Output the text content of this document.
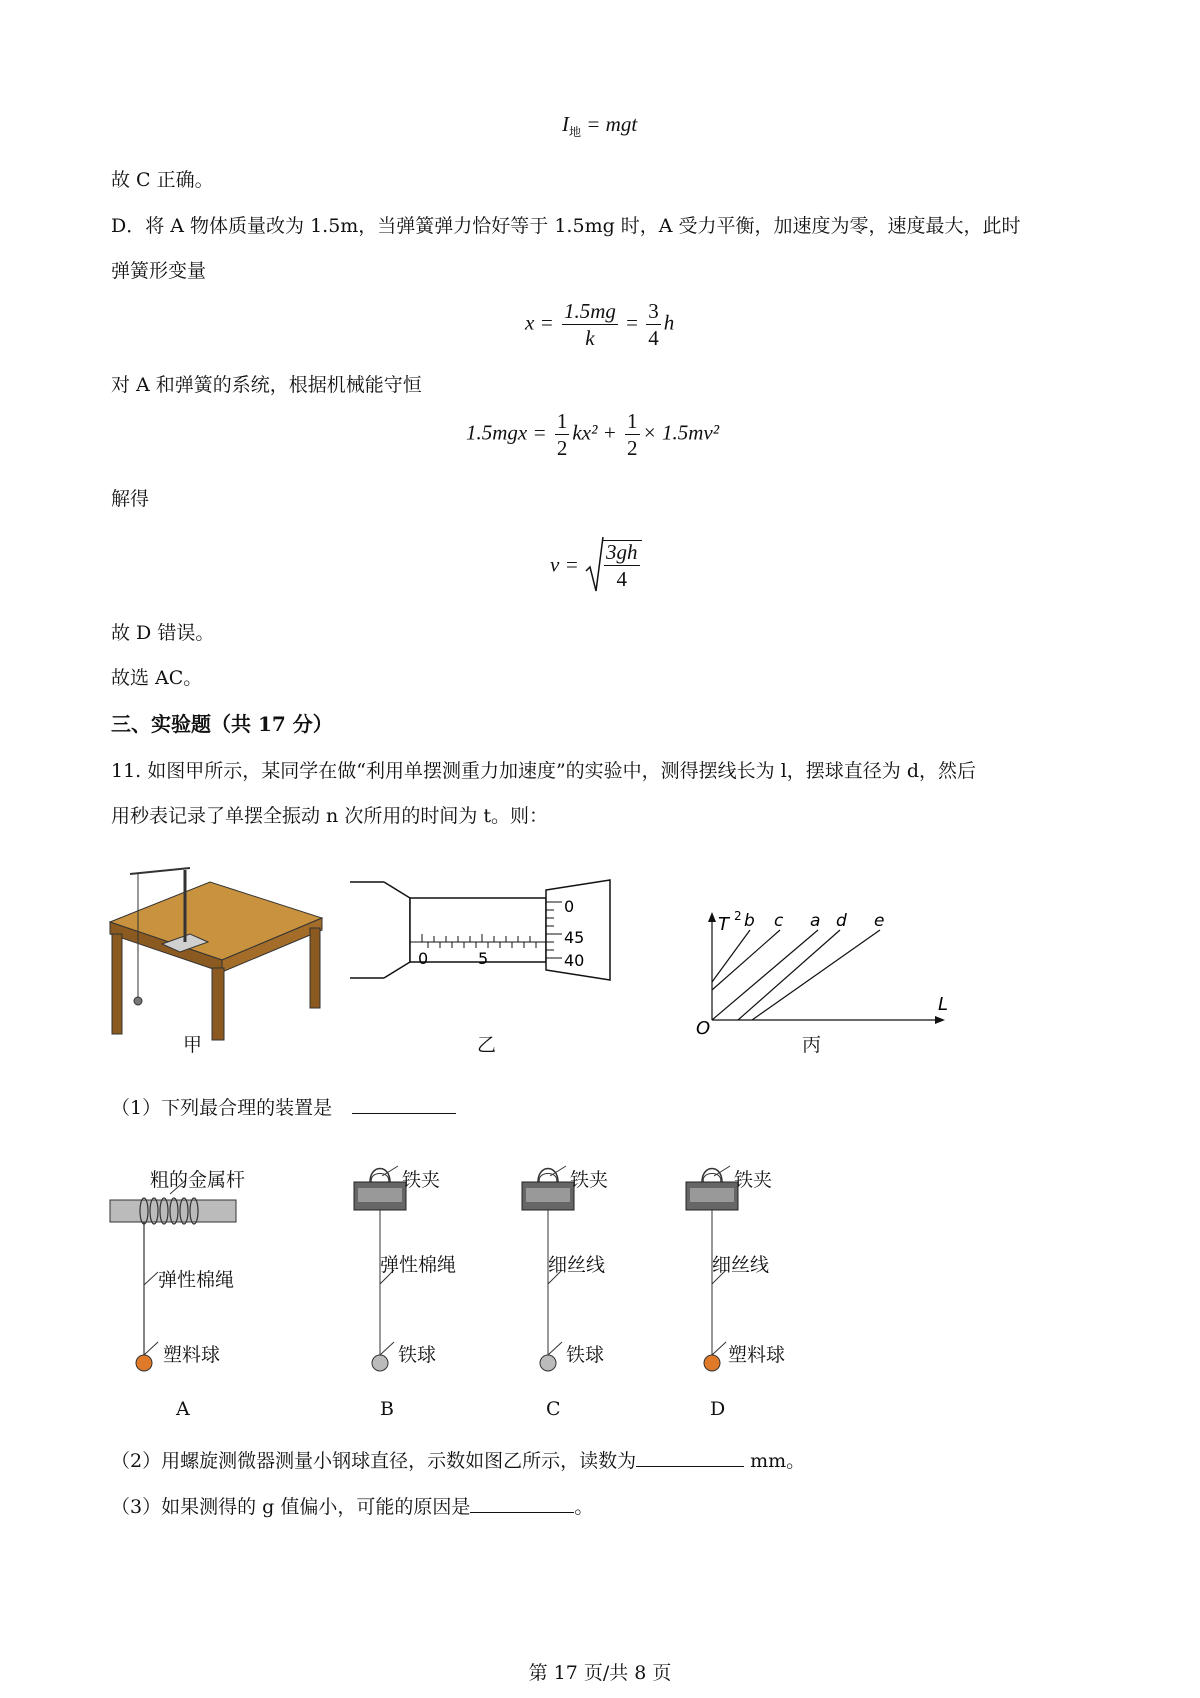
$I_地$ = mgt
故 C 正确。
D．将 A 物体质量改为 1.5m，当弹簧弹力恰好等于 1.5mg 时，A 受力平衡，加速度为零，速度最大，此时
弹簧形变量
$x = \frac{1.5mg}{k} = \frac{3}{4}$ h
对 A 和弹簧的系统，根据机械能守恒
$1.5mgx = \frac{1}{2} kx^2 + \frac{1}{2} \times 1.5mv^2$
解得
$v = \frac{3gh}{4}$
故 D 错误。
故选 AC。
三、实验题（共 17 分）
11. 如图甲所示，某同学在做“利用单摆测重力加速度”的实验中，测得摆线长为 l，摆球直径为 d，然后
用秒表记录了单摆全振动 n 次所用的时间为 t。则：
甲
0	5
0
45
40
乙
T 2
L
O
b c a d e
丙
（1）下列最合理的装置是
粗的金属杆
弹性棉绳
塑料球
A
铁夹
弹性棉绳
铁球
B
铁夹
细丝线
铁球
C
铁夹
细丝线
塑料球
D
（2）用螺旋测微器测量小钢球直径，示数如图乙所示，读数为	mm。
（3）如果测得的 g 值偏小，可能的原因是	。
第 17 页/共 8 页
